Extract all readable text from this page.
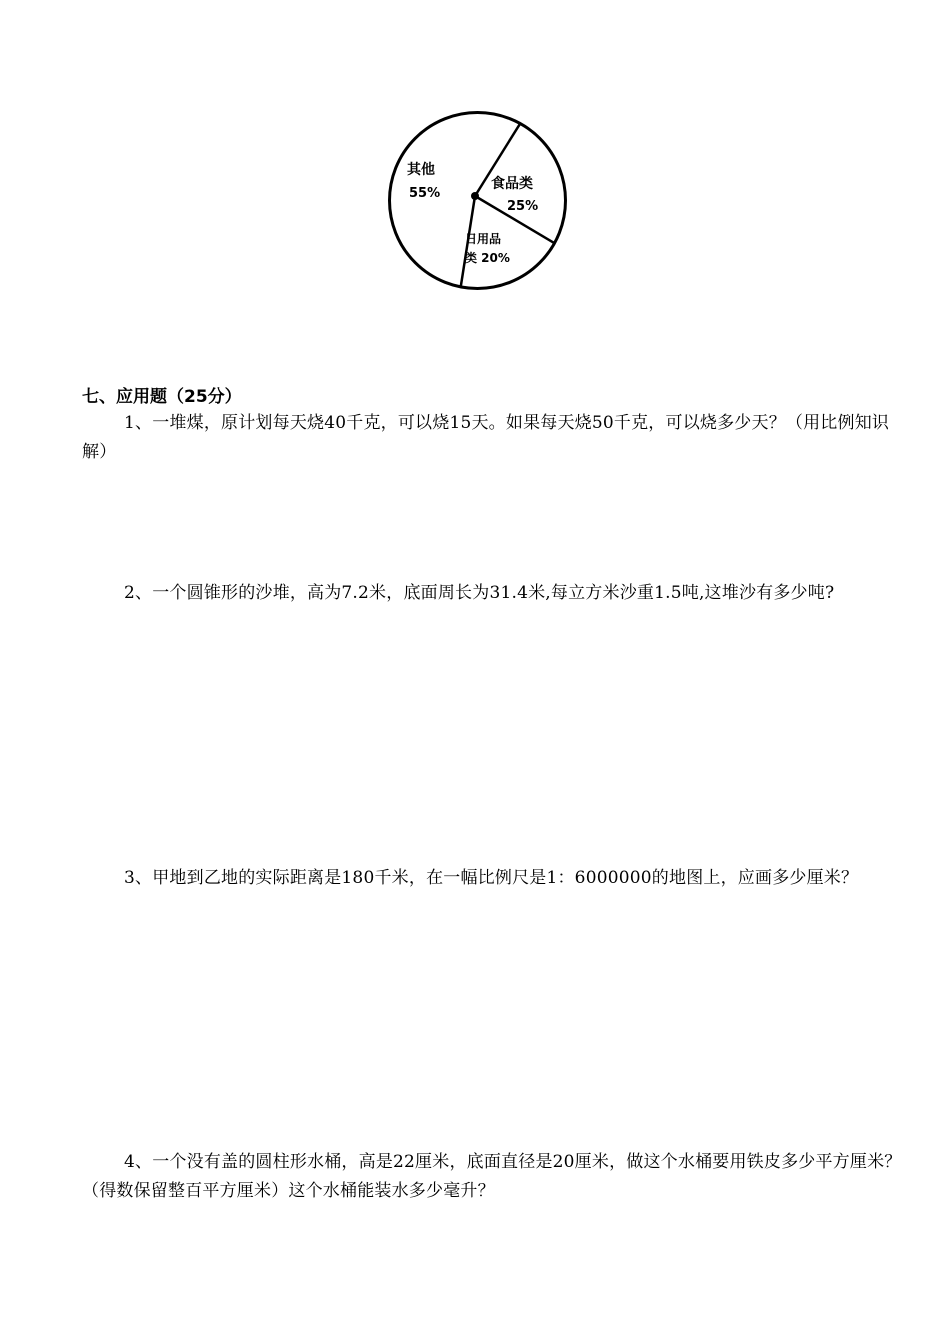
其他
55%
食品类
25%
日用品
类 20%
七、应用题（25分）
1、一堆煤，原计划每天烧40千克，可以烧15天。如果每天烧50千克，可以烧多少天？（用比例知识解）
2、一个圆锥形的沙堆，高为7.2米，底面周长为31.4米,每立方米沙重1.5吨,这堆沙有多少吨?
3、甲地到乙地的实际距离是180千米，在一幅比例尺是1：6000000的地图上，应画多少厘米？
4、一个没有盖的圆柱形水桶，高是22厘米，底面直径是20厘米，做这个水桶要用铁皮多少平方厘米？（得数保留整百平方厘米）这个水桶能装水多少毫升？
